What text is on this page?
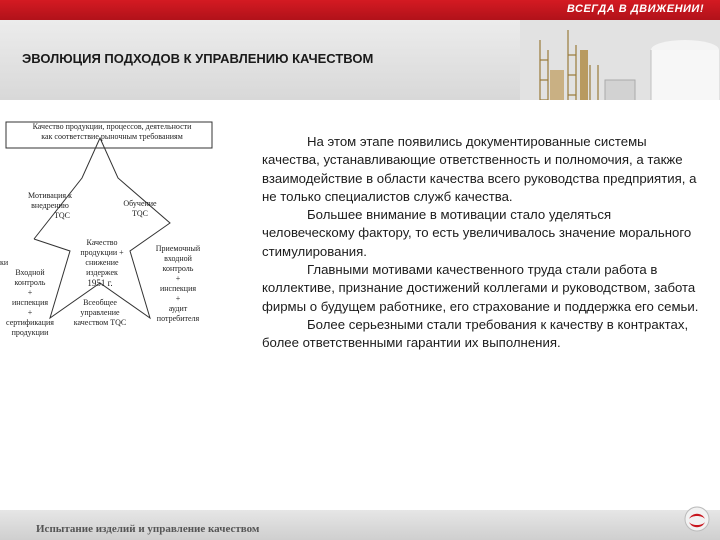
ВСЕГДА В ДВИЖЕНИИ!
ЭВОЛЮЦИЯ ПОДХОДОВ К УПРАВЛЕНИЮ КАЧЕСТВОМ
Качество продукции, процессов, деятельности
как соответствие рыночным требованиям
Мотивация к
внедрению
TQC
Обучение
TQC
Качество
продукции +
снижение
издержек
1951 г.
Всеобщее
управление
качеством TQC
Приемочный
входной
контроль
+
инспекция
+
аудит
потребителя
ки
Входной
контроль
+
инспекция
+
сертификация
продукции

На этом этапе появились документированные системы качества, устанавливающие ответственность и полномочия, а также взаимодействие в области качества всего руководства предприятия, а не только специалистов служб качества.

Большее внимание в мотивации стало уделяться человеческому фактору, то есть увеличивалось значение морального стимулирования.

Главными мотивами качественного труда стали работа в коллективе, признание достижений коллегами и руководством, забота фирмы о будущем работнике, его страхование и поддержка его семьи.

Более серьезными стали требования к качеству в контрактах, более ответственными гарантии их выполнения.

Испытание изделий и управление качеством
